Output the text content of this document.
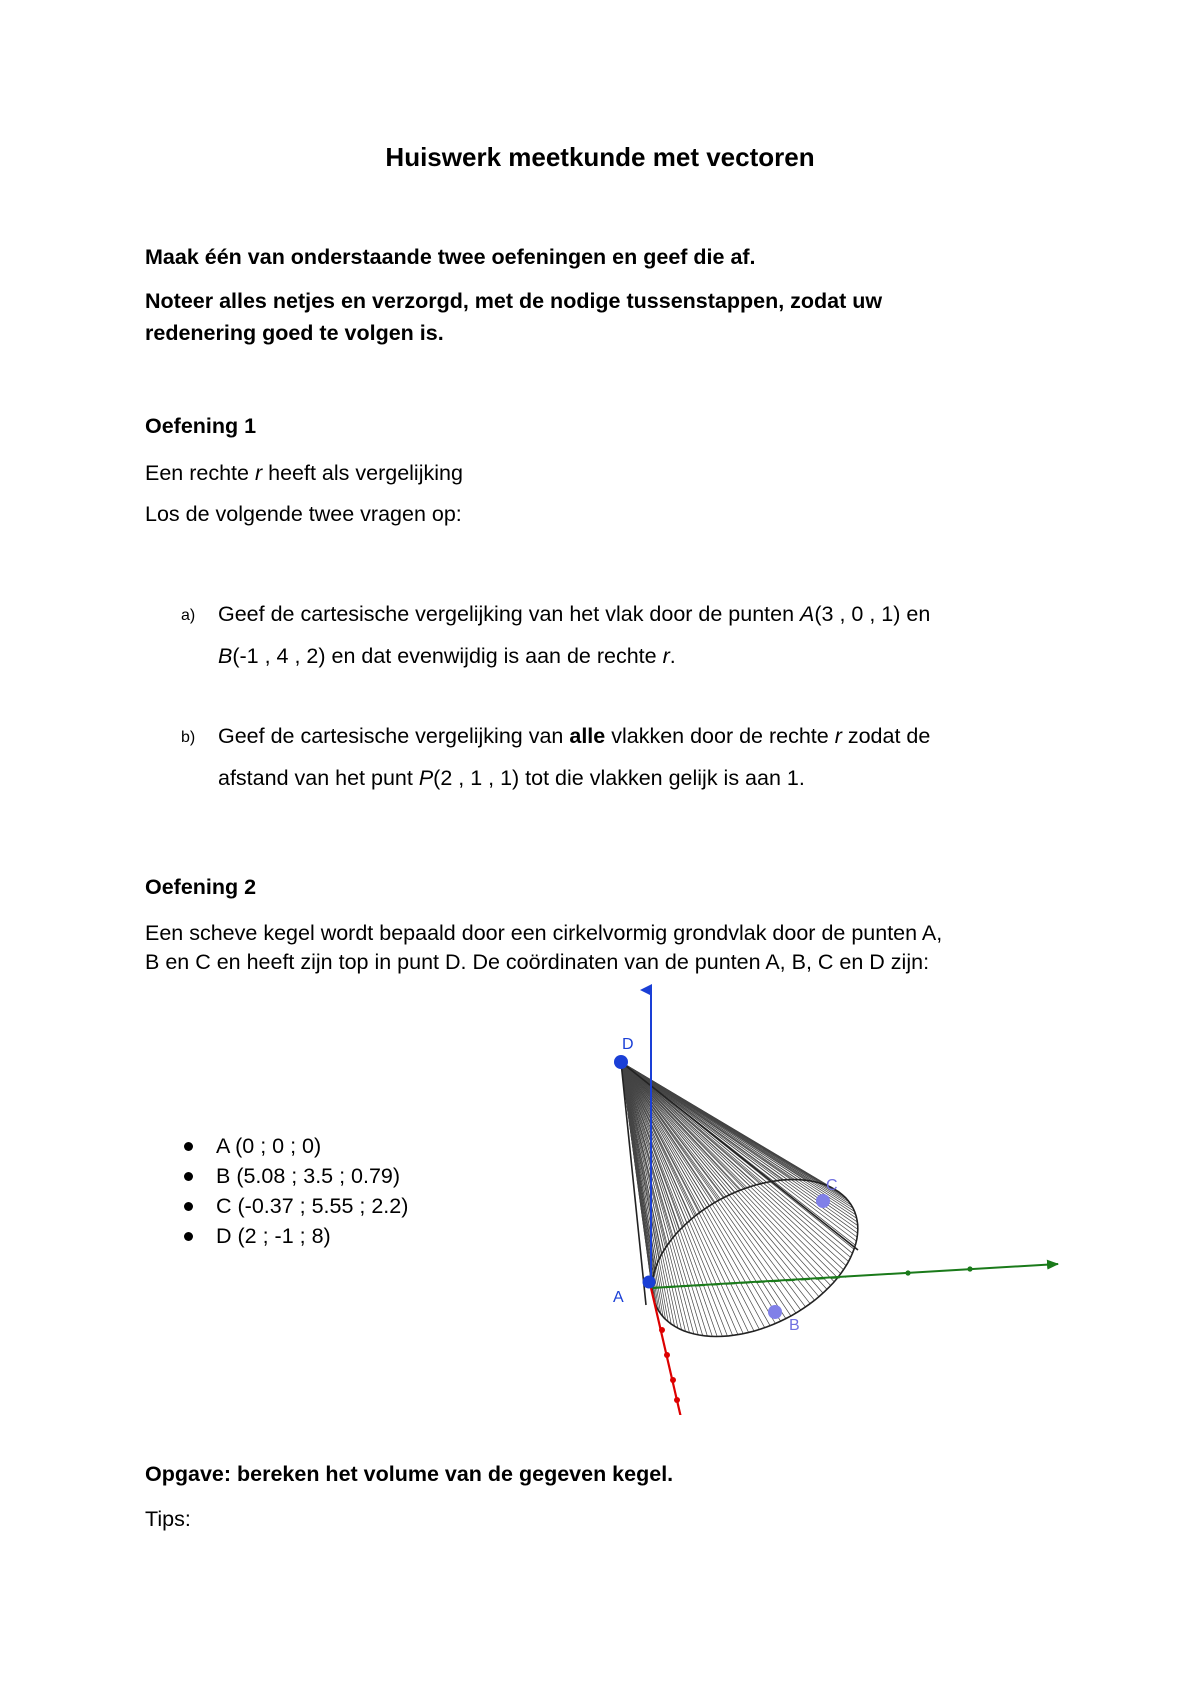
Huiswerk meetkunde met vectoren
Maak één van onderstaande twee oefeningen en geef die af.
Noteer alles netjes en verzorgd, met de nodige tussenstappen, zodat uw
redenering goed te volgen is.
Oefening 1
Een rechte r heeft als vergelijking
Los de volgende twee vragen op:
a) Geef de cartesische vergelijking van het vlak door de punten A(3 , 0 , 1) en
B(-1 , 4 , 2) en dat evenwijdig is aan de rechte r.
b) Geef de cartesische vergelijking van alle vlakken door de rechte r zodat de
afstand van het punt P(2 , 1 , 1) tot die vlakken gelijk is aan 1.
Oefening 2
Een scheve kegel wordt bepaald door een cirkelvormig grondvlak door de punten A,
B en C en heeft zijn top in punt D. De coördinaten van de punten A, B, C en D zijn:
A (0 ; 0 ; 0)
B (5.08 ; 3.5 ; 0.79)
C (-0.37 ; 5.55 ; 2.2)
D (2 ; -1 ; 8)
D
A
B
C
Opgave: bereken het volume van de gegeven kegel.
Tips:
